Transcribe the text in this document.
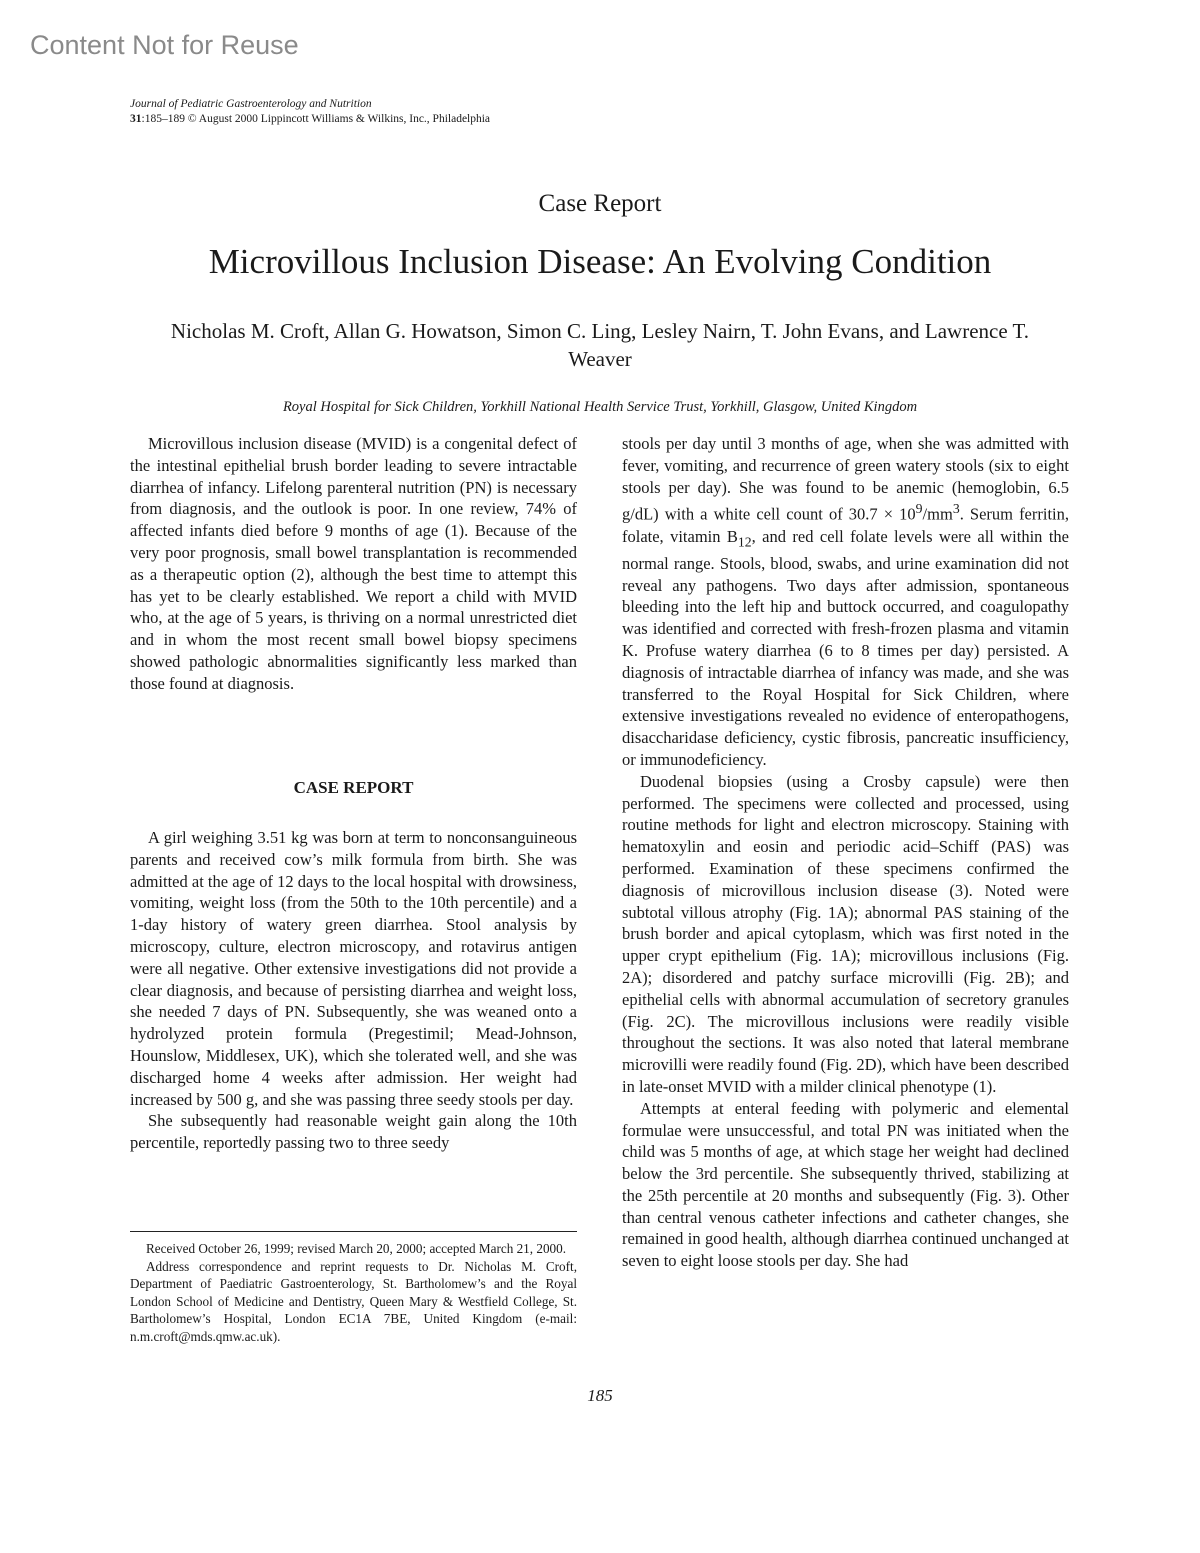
Content Not for Reuse
Journal of Pediatric Gastroenterology and Nutrition
31:185–189 © August 2000 Lippincott Williams & Wilkins, Inc., Philadelphia
Case Report
Microvillous Inclusion Disease: An Evolving Condition
Nicholas M. Croft, Allan G. Howatson, Simon C. Ling, Lesley Nairn, T. John Evans, and Lawrence T. Weaver
Royal Hospital for Sick Children, Yorkhill National Health Service Trust, Yorkhill, Glasgow, United Kingdom

Microvillous inclusion disease (MVID) is a congenital defect of the intestinal epithelial brush border leading to severe intractable diarrhea of infancy. Lifelong parenteral nutrition (PN) is necessary from diagnosis, and the outlook is poor. In one review, 74% of affected infants died before 9 months of age (1). Because of the very poor prognosis, small bowel transplantation is recommended as a therapeutic option (2), although the best time to attempt this has yet to be clearly established. We report a child with MVID who, at the age of 5 years, is thriving on a normal unrestricted diet and in whom the most recent small bowel biopsy specimens showed pathologic abnormalities significantly less marked than those found at diagnosis.

CASE REPORT

A girl weighing 3.51 kg was born at term to nonconsanguineous parents and received cow’s milk formula from birth. She was admitted at the age of 12 days to the local hospital with drowsiness, vomiting, weight loss (from the 50th to the 10th percentile) and a 1-day history of watery green diarrhea. Stool analysis by microscopy, culture, electron microscopy, and rotavirus antigen were all negative. Other extensive investigations did not provide a clear diagnosis, and because of persisting diarrhea and weight loss, she needed 7 days of PN. Subsequently, she was weaned onto a hydrolyzed protein formula (Pregestimil; Mead-Johnson, Hounslow, Middlesex, UK), which she tolerated well, and she was discharged home 4 weeks after admission. Her weight had increased by 500 g, and she was passing three seedy stools per day.

She subsequently had reasonable weight gain along the 10th percentile, reportedly passing two to three seedy

stools per day until 3 months of age, when she was admitted with fever, vomiting, and recurrence of green watery stools (six to eight stools per day). She was found to be anemic (hemoglobin, 6.5 g/dL) with a white cell count of $30.7 \times 10^9/mm^3$. Serum ferritin, folate, vitamin $B_{12}$, and red cell folate levels were all within the normal range. Stools, blood, swabs, and urine examination did not reveal any pathogens. Two days after admission, spontaneous bleeding into the left hip and buttock occurred, and coagulopathy was identified and corrected with fresh-frozen plasma and vitamin K. Profuse watery diarrhea (6 to 8 times per day) persisted. A diagnosis of intractable diarrhea of infancy was made, and she was transferred to the Royal Hospital for Sick Children, where extensive investigations revealed no evidence of enteropathogens, disaccharidase deficiency, cystic fibrosis, pancreatic insufficiency, or immunodeficiency.

Duodenal biopsies (using a Crosby capsule) were then performed. The specimens were collected and processed, using routine methods for light and electron microscopy. Staining with hematoxylin and eosin and periodic acid–Schiff (PAS) was performed. Examination of these specimens confirmed the diagnosis of microvillous inclusion disease (3). Noted were subtotal villous atrophy (Fig. 1A); abnormal PAS staining of the brush border and apical cytoplasm, which was first noted in the upper crypt epithelium (Fig. 1A); microvillous inclusions (Fig. 2A); disordered and patchy surface microvilli (Fig. 2B); and epithelial cells with abnormal accumulation of secretory granules (Fig. 2C). The microvillous inclusions were readily visible throughout the sections. It was also noted that lateral membrane microvilli were readily found (Fig. 2D), which have been described in late-onset MVID with a milder clinical phenotype (1).

Attempts at enteral feeding with polymeric and elemental formulae were unsuccessful, and total PN was initiated when the child was 5 months of age, at which stage her weight had declined below the 3rd percentile. She subsequently thrived, stabilizing at the 25th percentile at 20 months and subsequently (Fig. 3). Other than central venous catheter infections and catheter changes, she remained in good health, although diarrhea continued unchanged at seven to eight loose stools per day. She had

Received October 26, 1999; revised March 20, 2000; accepted March 21, 2000.

Address correspondence and reprint requests to Dr. Nicholas M. Croft, Department of Paediatric Gastroenterology, St. Bartholomew’s and the Royal London School of Medicine and Dentistry, Queen Mary & Westfield College, St. Bartholomew’s Hospital, London EC1A 7BE, United Kingdom (e-mail: n.m.croft@mds.qmw.ac.uk).

185
